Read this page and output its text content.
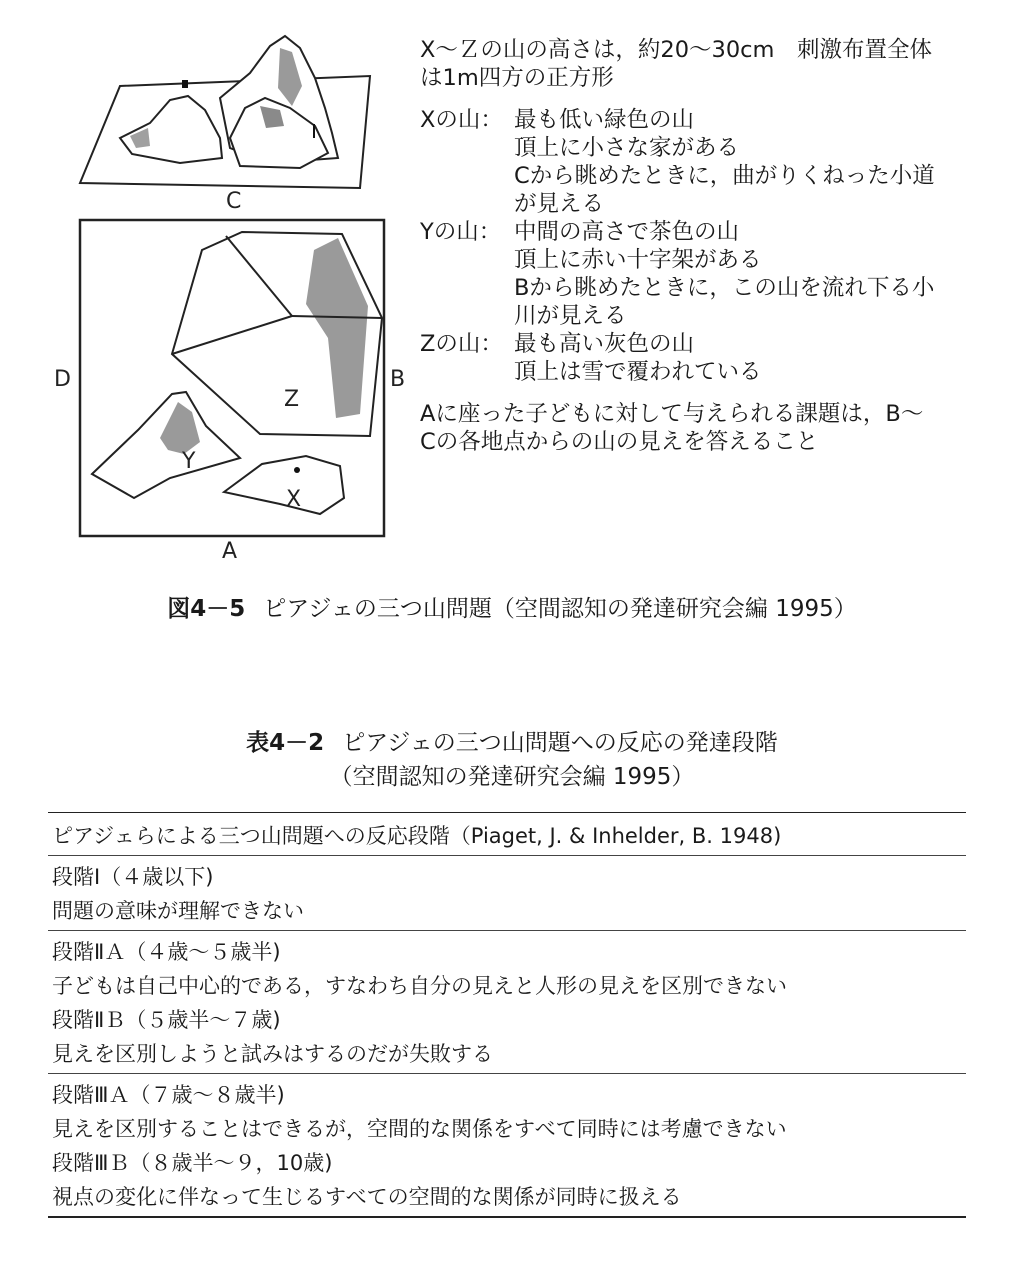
C
D	B
A
Z
Y
X
X～Ｚの山の高さは，約20～30cm　刺激布置全体
は1m四方の正方形
Xの山： 最も低い緑色の山
頂上に小さな家がある
Cから眺めたときに，曲がりくねった小道
が見える
Yの山： 中間の高さで茶色の山
頂上に赤い十字架がある
Bから眺めたときに，この山を流れ下る小
川が見える
Zの山： 最も高い灰色の山
頂上は雪で覆われている
Aに座った子どもに対して与えられる課題は，B～
Cの各地点からの山の見えを答えること
図4－5 ピアジェの三つ山問題（空間認知の発達研究会編 1995）
表4－2 ピアジェの三つ山問題への反応の発達段階
（空間認知の発達研究会編 1995）
ピアジェらによる三つ山問題への反応段階（Piaget, J. & Inhelder, B. 1948)
段階Ⅰ（４歳以下)
問題の意味が理解できない
段階ⅡＡ（４歳～５歳半)
子どもは自己中心的である，すなわち自分の見えと人形の見えを区別できない
段階ⅡＢ（５歳半～７歳)
見えを区別しようと試みはするのだが失敗する
段階ⅢＡ（７歳～８歳半)
見えを区別することはできるが，空間的な関係をすべて同時には考慮できない
段階ⅢＢ（８歳半～９，10歳)
視点の変化に伴なって生じるすべての空間的な関係が同時に扱える
